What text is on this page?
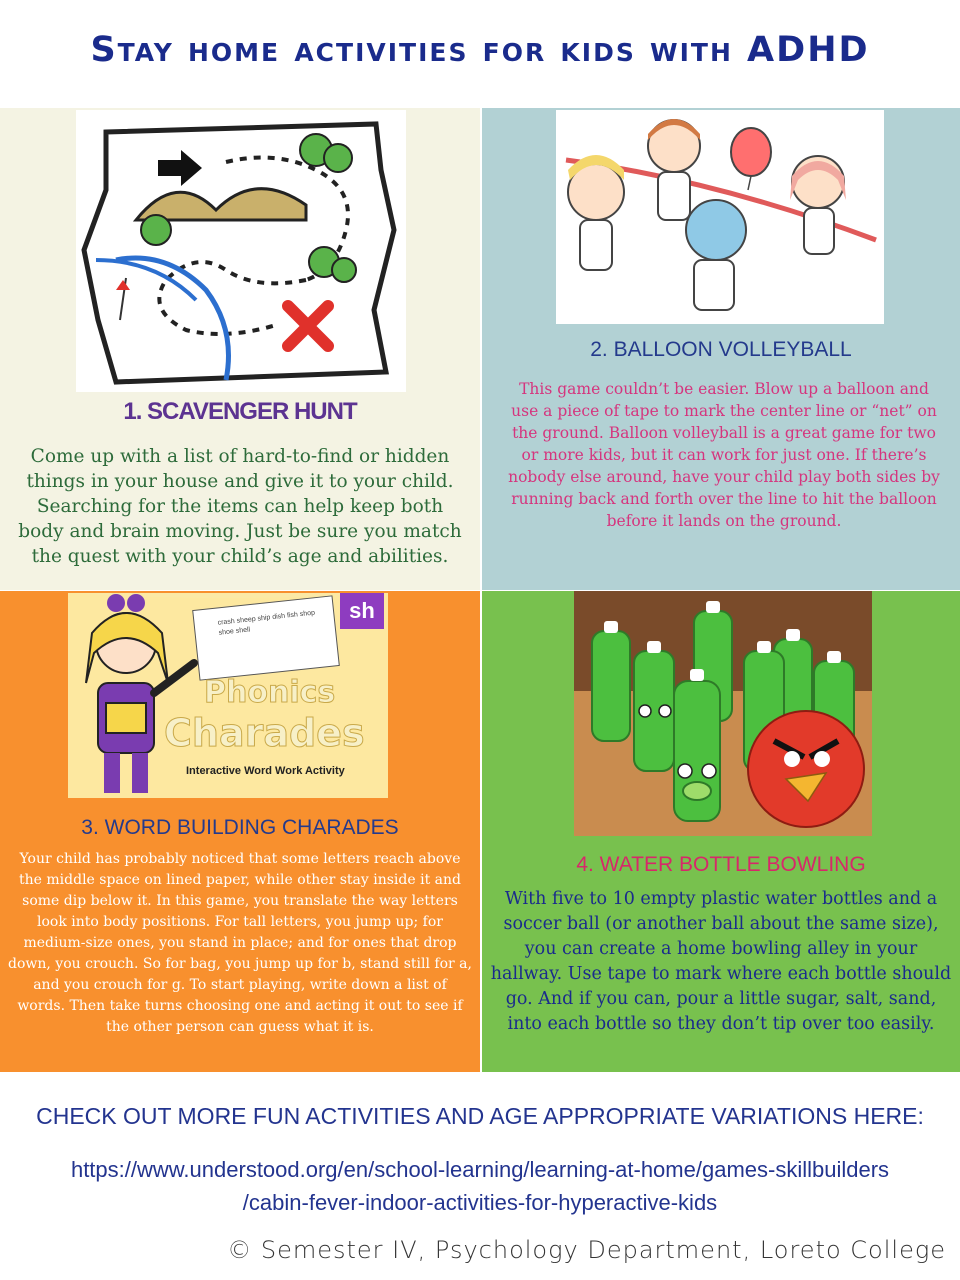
Stay home activities for kids with ADHD
1. SCAVENGER HUNT
Come up with a list of hard-to-find or hidden things in your house and give it to your child. Searching for the items can help keep both body and brain moving. Just be sure you match the quest with your child’s age and abilities.
2. BALLOON VOLLEYBALL
This game couldn’t be easier. Blow up a balloon and use a piece of tape to mark the center line or “net” on the ground. Balloon volleyball is a great game for two or more kids, but it can work for just one. If there’s nobody else around, have your child play both sides by running back and forth over the line to hit the balloon before it lands on the ground.
crash sheep ship dish fish shop shoe shell
sh
Phonics
Charades
Interactive Word Work Activity
3. WORD BUILDING CHARADES
Your child has probably noticed that some letters reach above the middle space on lined paper, while other stay inside it and some dip below it. In this game, you translate the way letters look into body positions. For tall letters, you jump up; for medium-size ones, you stand in place; and for ones that drop down, you crouch. So for bag, you jump up for b, stand still for a, and you crouch for g. To start playing, write down a list of words. Then take turns choosing one and acting it out to see if the other person can guess what it is.
4. WATER BOTTLE BOWLING
With five to 10 empty plastic water bottles and a soccer ball (or another ball about the same size), you can create a home bowling alley in your hallway. Use tape to mark where each bottle should go. And if you can, pour a little sugar, salt, sand, into each bottle so they don’t tip over too easily.
CHECK OUT MORE FUN ACTIVITIES AND AGE APPROPRIATE VARIATIONS HERE:
https://www.understood.org/en/school-learning/learning-at-home/games-skillbuilders
/cabin-fever-indoor-activities-for-hyperactive-kids
© Semester IV, Psychology Department, Loreto College
